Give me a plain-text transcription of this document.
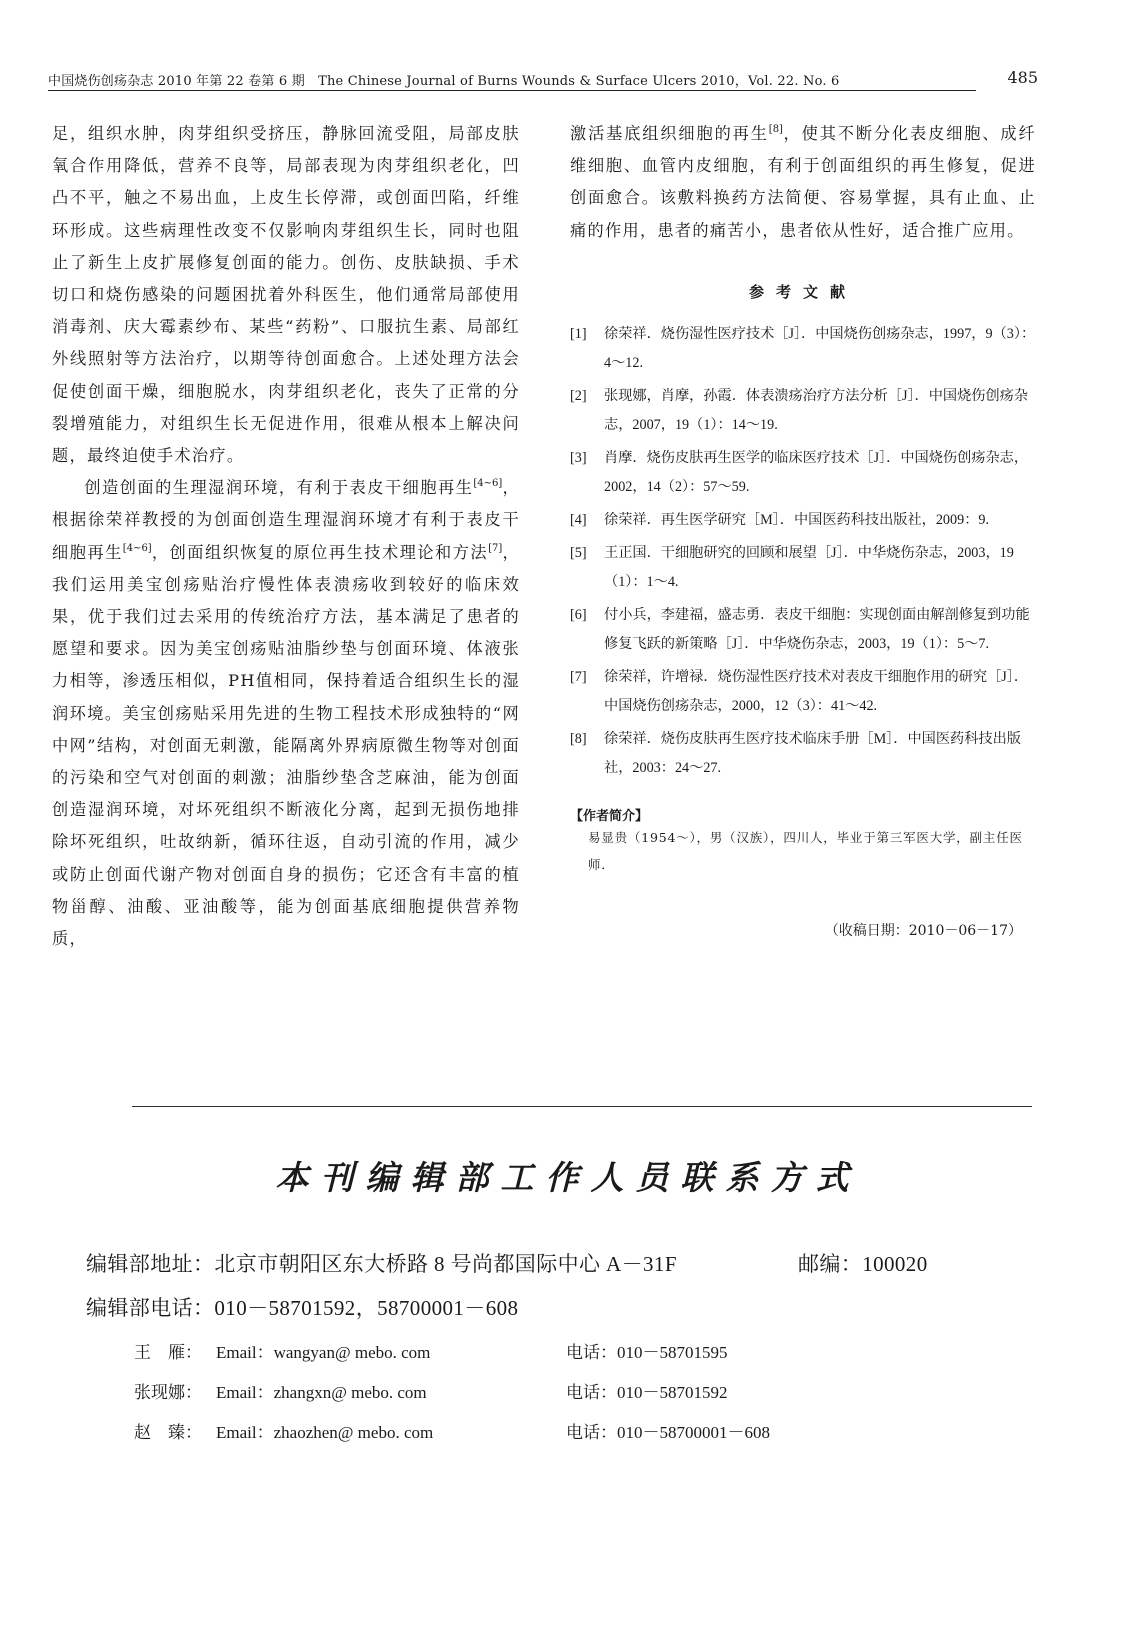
中国烧伤创疡杂志 2010 年第 22 卷第 6 期　The Chinese Journal of Burns Wounds & Surface Ulcers 2010，Vol. 22. No. 6	485

足，组织水肿，肉芽组织受挤压，静脉回流受阻，局部皮肤氧合作用降低，营养不良等，局部表现为肉芽组织老化，凹凸不平，触之不易出血，上皮生长停滞，或创面凹陷，纤维环形成。这些病理性改变不仅影响肉芽组织生长，同时也阻止了新生上皮扩展修复创面的能力。创伤、皮肤缺损、手术切口和烧伤感染的问题困扰着外科医生，他们通常局部使用消毒剂、庆大霉素纱布、某些“药粉”、口服抗生素、局部红外线照射等方法治疗，以期等待创面愈合。上述处理方法会促使创面干燥，细胞脱水，肉芽组织老化，丧失了正常的分裂增殖能力，对组织生长无促进作用，很难从根本上解决问题，最终迫使手术治疗。

创造创面的生理湿润环境，有利于表皮干细胞再生[4~6]，根据徐荣祥教授的为创面创造生理湿润环境才有利于表皮干细胞再生[4~6]，创面组织恢复的原位再生技术理论和方法[7]，我们运用美宝创疡贴治疗慢性体表溃疡收到较好的临床效果，优于我们过去采用的传统治疗方法，基本满足了患者的愿望和要求。因为美宝创疡贴油脂纱垫与创面环境、体液张力相等，渗透压相似，PH值相同，保持着适合组织生长的湿润环境。美宝创疡贴采用先进的生物工程技术形成独特的“网中网”结构，对创面无刺激，能隔离外界病原微生物等对创面的污染和空气对创面的刺激；油脂纱垫含芝麻油，能为创面创造湿润环境，对坏死组织不断液化分离，起到无损伤地排除坏死组织，吐故纳新，循环往返，自动引流的作用，减少或防止创面代谢产物对创面自身的损伤；它还含有丰富的植物甾醇、油酸、亚油酸等，能为创面基底细胞提供营养物质，

激活基底组织细胞的再生[8]，使其不断分化表皮细胞、成纤维细胞、血管内皮细胞，有利于创面组织的再生修复，促进创面愈合。该敷料换药方法简便、容易掌握，具有止血、止痛的作用，患者的痛苦小，患者依从性好，适合推广应用。

参考文献
[1] 徐荣祥．烧伤湿性医疗技术［J］．中国烧伤创疡杂志，1997，9（3）：4～12.
[2] 张现娜，肖摩，孙霞．体表溃疡治疗方法分析［J］．中国烧伤创疡杂志，2007，19（1）：14～19.
[3] 肖摩．烧伤皮肤再生医学的临床医疗技术［J］．中国烧伤创疡杂志，2002，14（2）：57～59.
[4] 徐荣祥．再生医学研究［M］．中国医药科技出版社，2009：9.
[5] 王正国．干细胞研究的回顾和展望［J］．中华烧伤杂志，2003，19（1）：1～4.
[6] 付小兵，李建福，盛志勇．表皮干细胞：实现创面由解剖修复到功能修复飞跃的新策略［J］．中华烧伤杂志，2003，19（1）：5～7.
[7] 徐荣祥，许增禄．烧伤湿性医疗技术对表皮干细胞作用的研究［J］．中国烧伤创疡杂志，2000，12（3）：41～42.
[8] 徐荣祥．烧伤皮肤再生医疗技术临床手册［M］．中国医药科技出版社，2003：24～27.
【作者简介】
易显贵（1954～），男（汉族），四川人，毕业于第三军医大学，副主任医师．
（收稿日期：2010－06－17）
本刊编辑部工作人员联系方式
编辑部地址：北京市朝阳区东大桥路 8 号尚都国际中心 A－31F	邮编：100020
编辑部电话：010－58701592，58700001－608
王　雁： Email：wangyan@ mebo. com	电话：010－58701595
张现娜： Email：zhangxn@ mebo. com	电话：010－58701592
赵　臻： Email：zhaozhen@ mebo. com	电话：010－58700001－608
